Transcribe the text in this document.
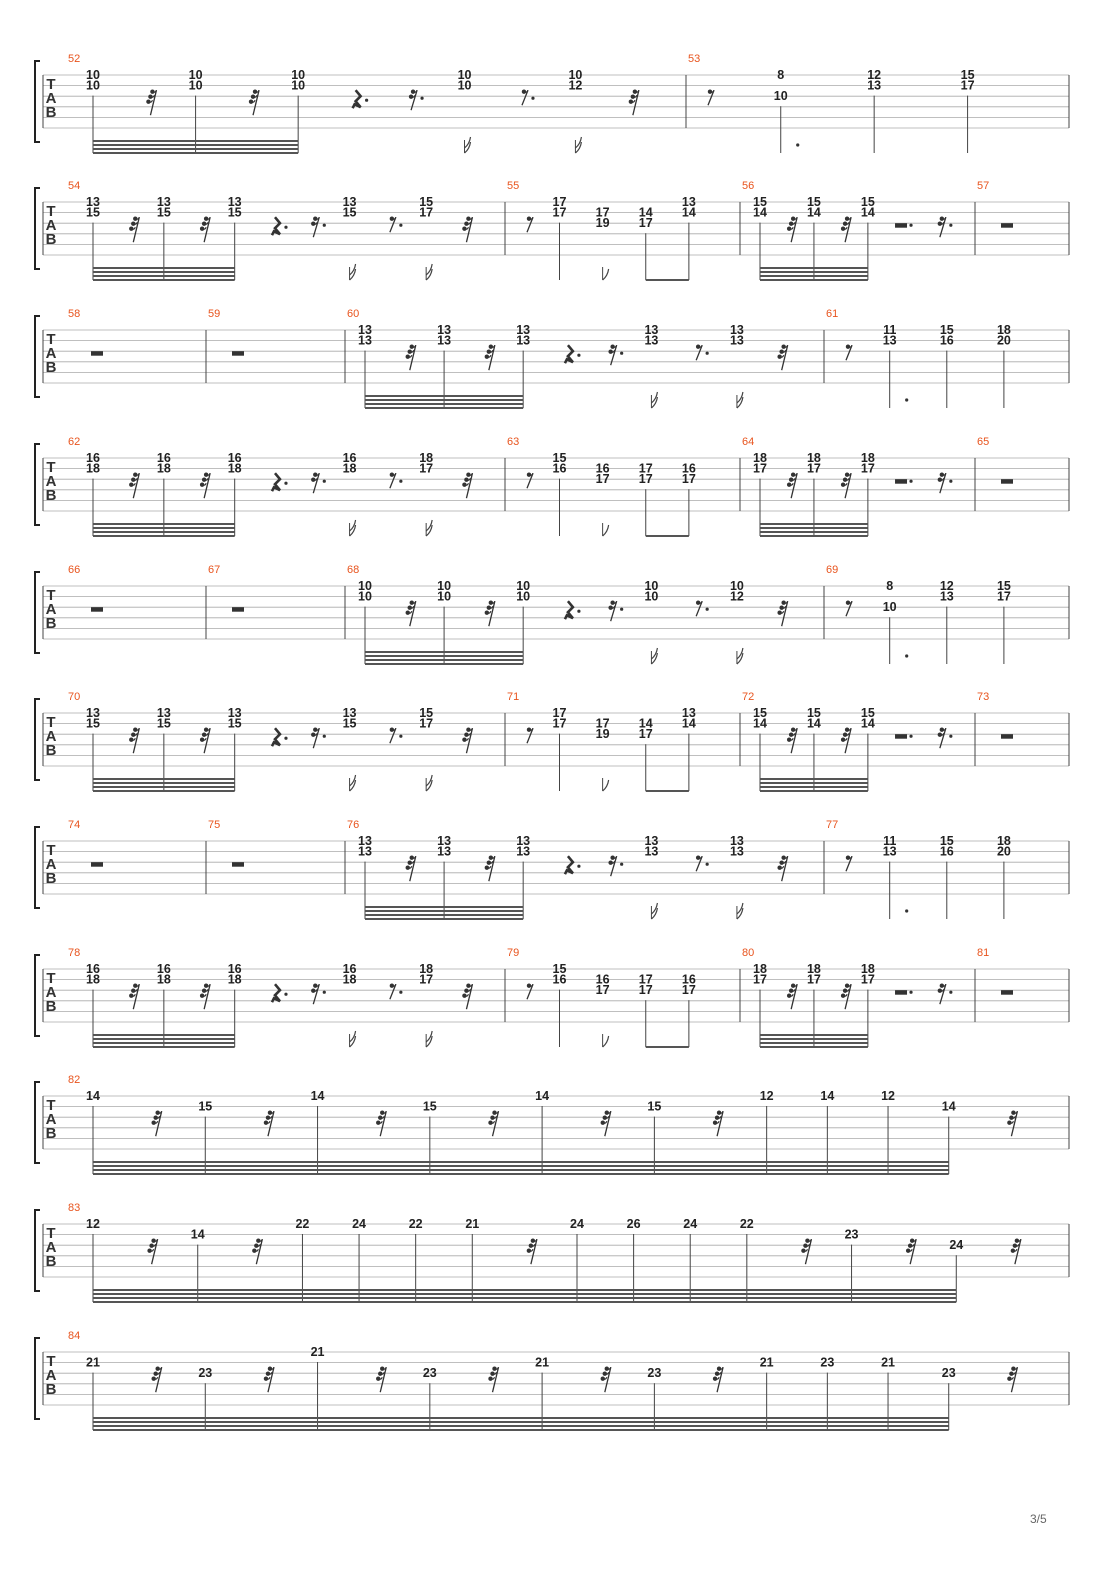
T
A
B
52
10
10
10
10
10
10
10
10
10
12
53
8
10
12
13
15
17
T
A
B
54
13
15
13
15
13
15
13
15
15
17
55
17
17 17
19
14
17
13
14
56
15
14
15
14
15
14
57
T
A
B
58	59	60
13
13
13
13
13
13
13
13
13
13
61
11
13
15
16
18
20
T
A
B
62
16
18
16
18
16
18
16
18
18
17
63
15
16 16
17
17
17
16
17
64
18
17
18
17
18
17
65
T
A
B
66	67	68
10
10
10
10
10
10
10
10
10
12
69
8
10
12
13
15
17
T
A
B
70
13
15
13
15
13
15
13
15
15
17
71
17
17 17
19
14
17
13
14
72
15
14
15
14
15
14
73
T
A
B
74	75	76
13
13
13
13
13
13
13
13
13
13
77
11
13
15
16
18
20
T
A
B
78
16
18
16
18
16
18
16
18
18
17
79
15
16 16
17
17
17
16
17
80
18
17
18
17
18
17
81
T
A
B
82
14
15
14
15
14
15
12	14	12
14
T
A
B
83
12
14
22	24	22	21	24	26	24	22
23
24
T
A
B
84
21
23
21
23
21
23
21	23	21
23
3/5
